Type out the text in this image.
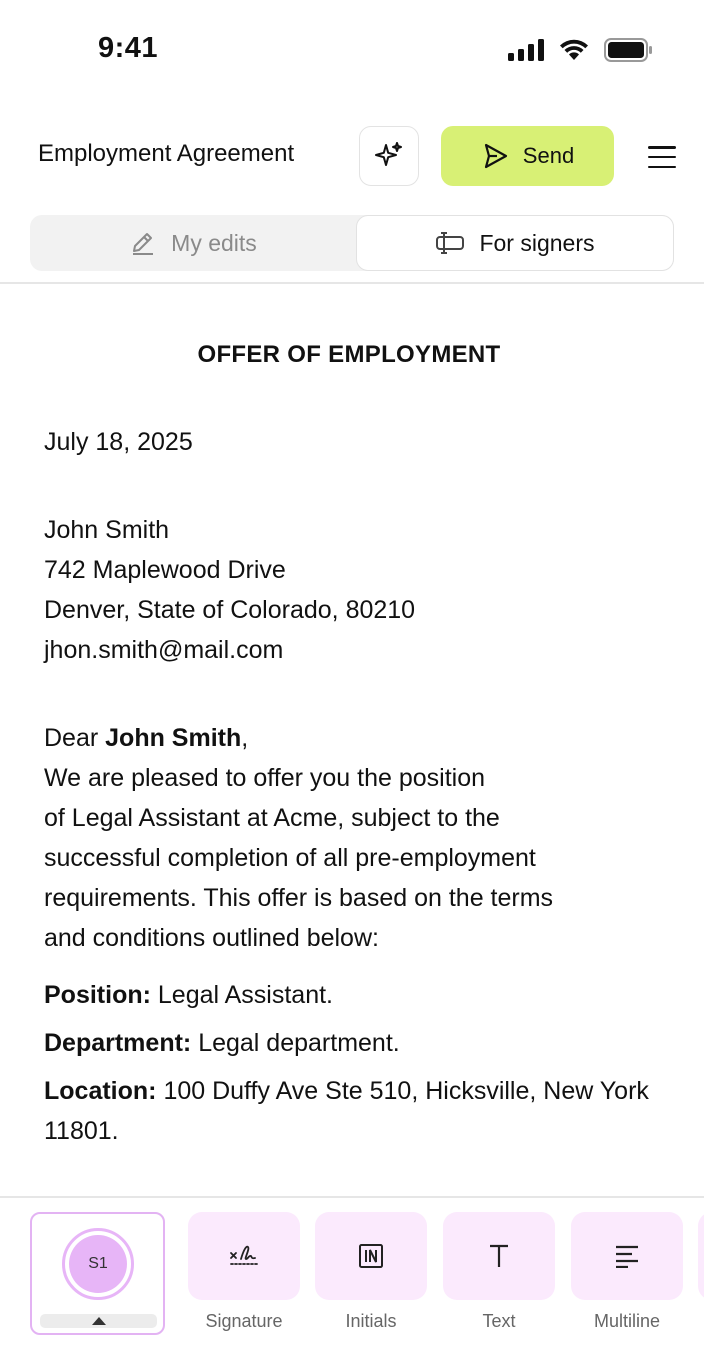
9:41
Employment Agreement	Send
My edits	For signers
OFFER OF EMPLOYMENT
July 18, 2025
John Smith
742 Maplewood Drive
Denver, State of Colorado, 80210
jhon.smith@mail.com
Dear John Smith,
We are pleased to offer you the position
of Legal Assistant at Acme, subject to the
successful completion of all pre-employment
requirements. This offer is based on the terms
and conditions outlined below:
Position: Legal Assistant.
Department: Legal department.
Location: 100 Duffy Ave Ste 510, Hicksville, New York 11801.
S1
Signature	Initials	Text	Multiline
